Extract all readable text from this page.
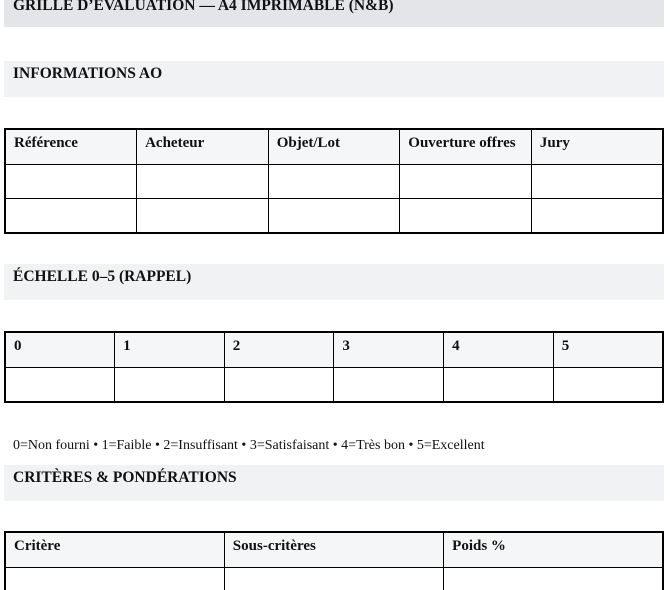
GRILLE D’EVALUATION — A4 IMPRIMABLE (N&B)
INFORMATIONS AO
Référence	Acheteur	Objet/Lot	Ouverture offres	Jury

ÉCHELLE 0–5 (RAPPEL)
0	1	2	3	4	5

0=Non fourni • 1=Faible • 2=Insuffisant • 3=Satisfaisant • 4=Très bon • 5=Excellent

CRITÈRES & PONDÉRATIONS
Critère	Sous-critères	Poids %
